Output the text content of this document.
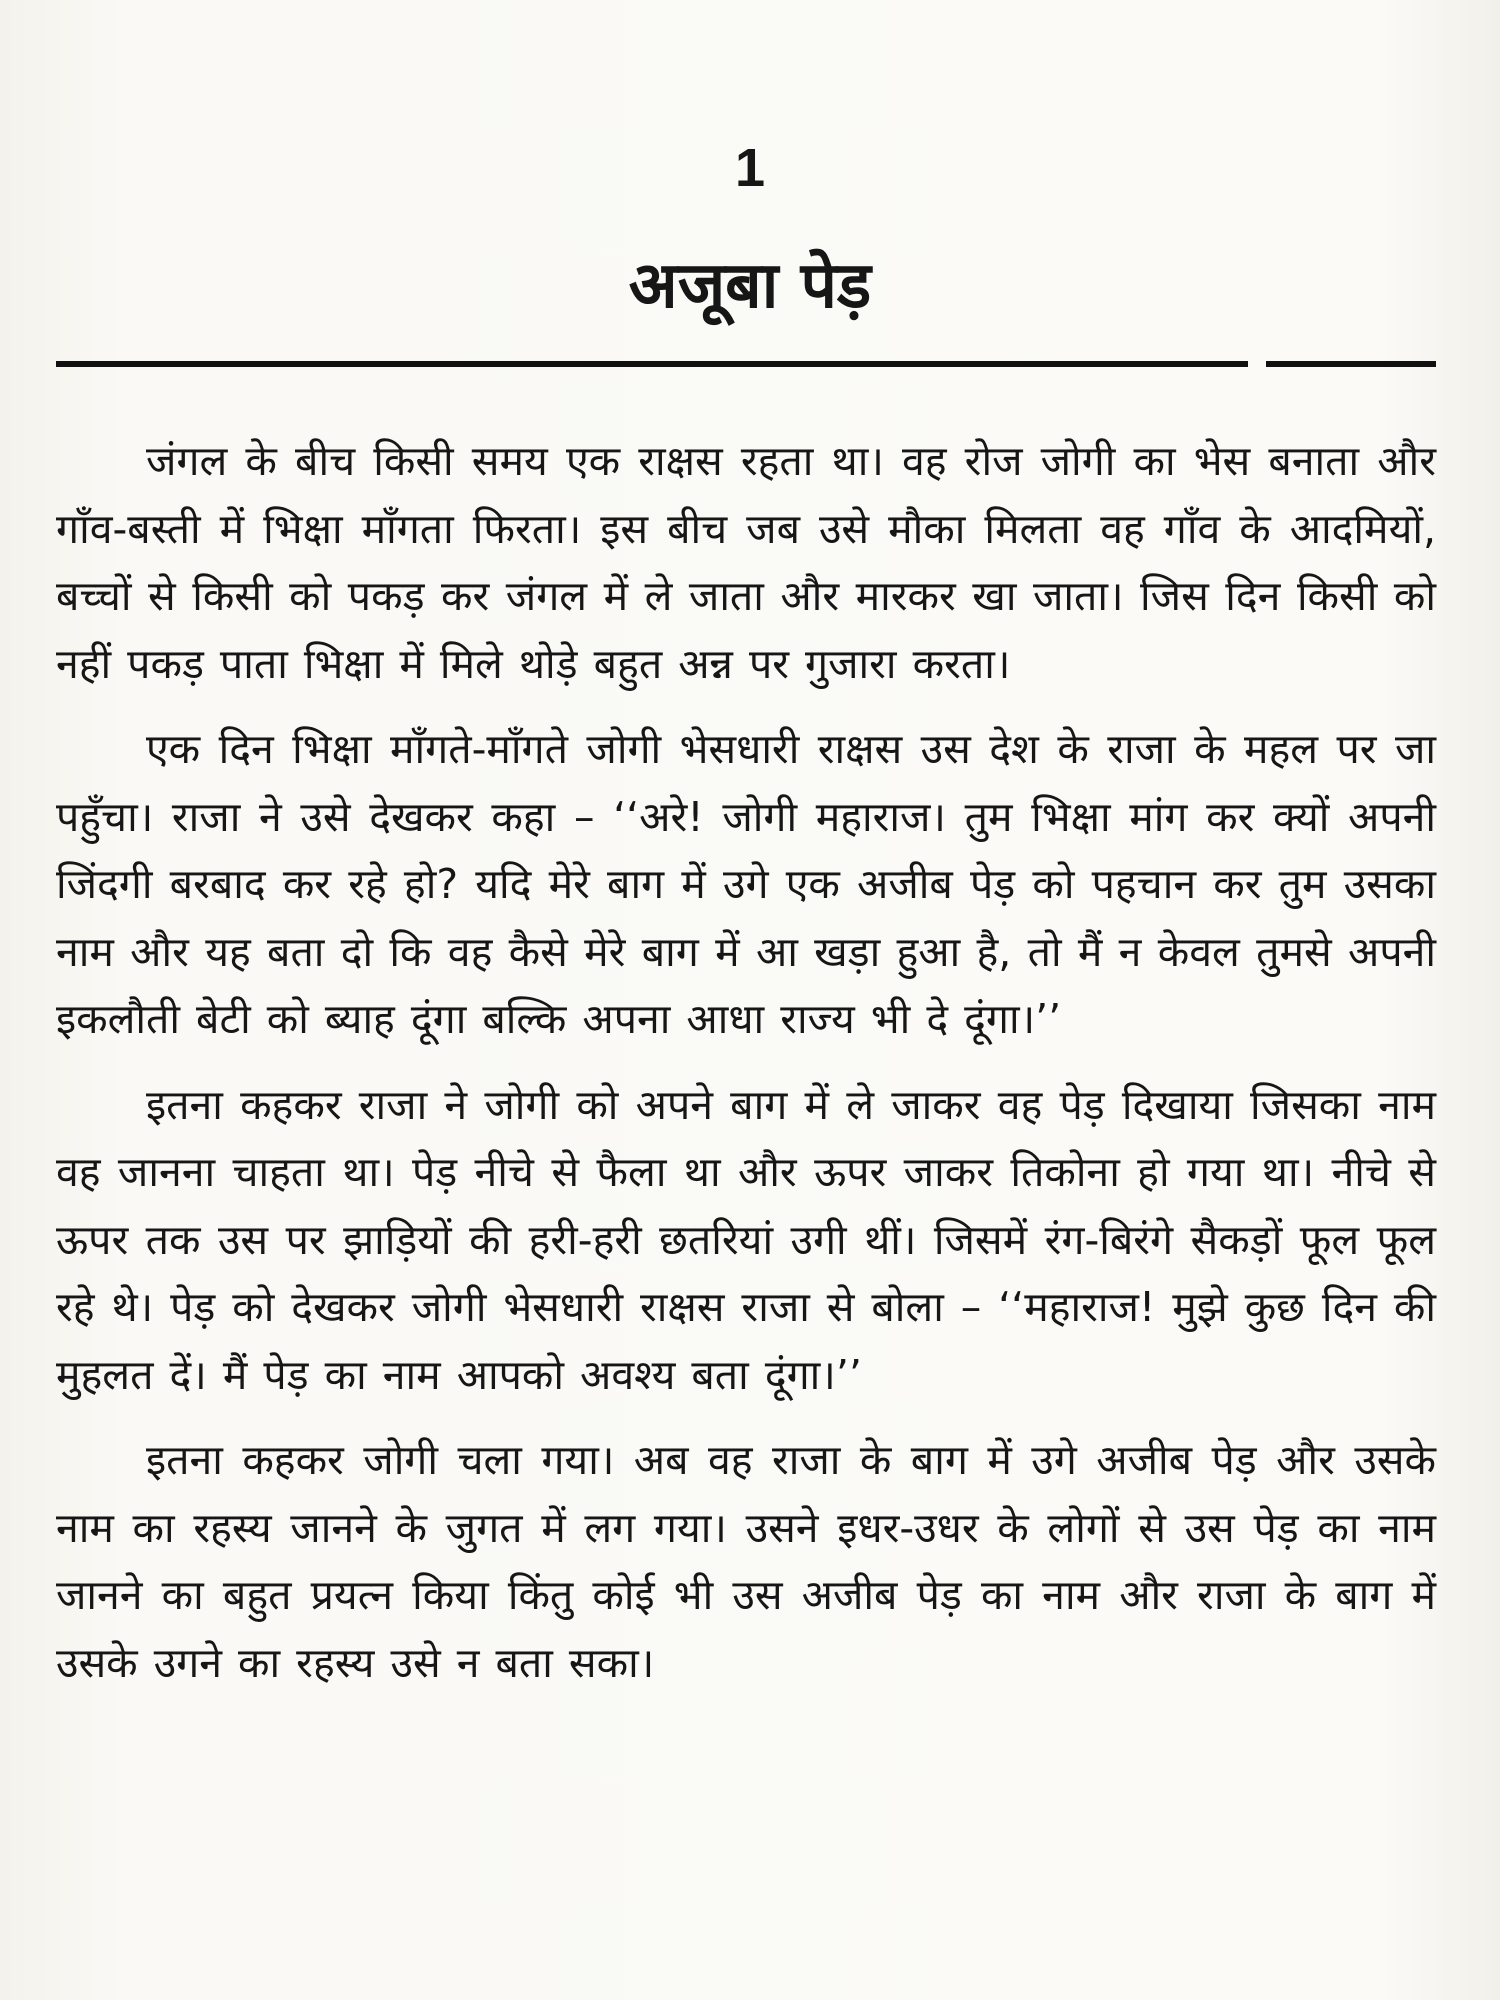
1
अजूबा पेड़

जंगल के बीच किसी समय एक राक्षस रहता था। वह रोज जोगी का भेस बनाता और गाँव-बस्ती में भिक्षा माँगता फिरता। इस बीच जब उसे मौका मिलता वह गाँव के आदमियों, बच्चों से किसी को पकड़ कर जंगल में ले जाता और मारकर खा जाता। जिस दिन किसी को नहीं पकड़ पाता भिक्षा में मिले थोड़े बहुत अन्न पर गुजारा करता।

एक दिन भिक्षा माँगते-माँगते जोगी भेसधारी राक्षस उस देश के राजा के महल पर जा पहुँचा। राजा ने उसे देखकर कहा – ‘‘अरे! जोगी महाराज। तुम भिक्षा मांग कर क्यों अपनी जिंदगी बरबाद कर रहे हो? यदि मेरे बाग में उगे एक अजीब पेड़ को पहचान कर तुम उसका नाम और यह बता दो कि वह कैसे मेरे बाग में आ खड़ा हुआ है, तो मैं न केवल तुमसे अपनी इकलौती बेटी को ब्याह दूंगा बल्कि अपना आधा राज्य भी दे दूंगा।’’

इतना कहकर राजा ने जोगी को अपने बाग में ले जाकर वह पेड़ दिखाया जिसका नाम वह जानना चाहता था। पेड़ नीचे से फैला था और ऊपर जाकर तिकोना हो गया था। नीचे से ऊपर तक उस पर झाड़ियों की हरी-हरी छतरियां उगी थीं। जिसमें रंग-बिरंगे सैकड़ों फूल फूल रहे थे। पेड़ को देखकर जोगी भेसधारी राक्षस राजा से बोला – ‘‘महाराज! मुझे कुछ दिन की मुहलत दें। मैं पेड़ का नाम आपको अवश्य बता दूंगा।’’

इतना कहकर जोगी चला गया। अब वह राजा के बाग में उगे अजीब पेड़ और उसके नाम का रहस्य जानने के जुगत में लग गया। उसने इधर-उधर के लोगों से उस पेड़ का नाम जानने का बहुत प्रयत्न किया किंतु कोई भी उस अजीब पेड़ का नाम और राजा के बाग में उसके उगने का रहस्य उसे न बता सका।
